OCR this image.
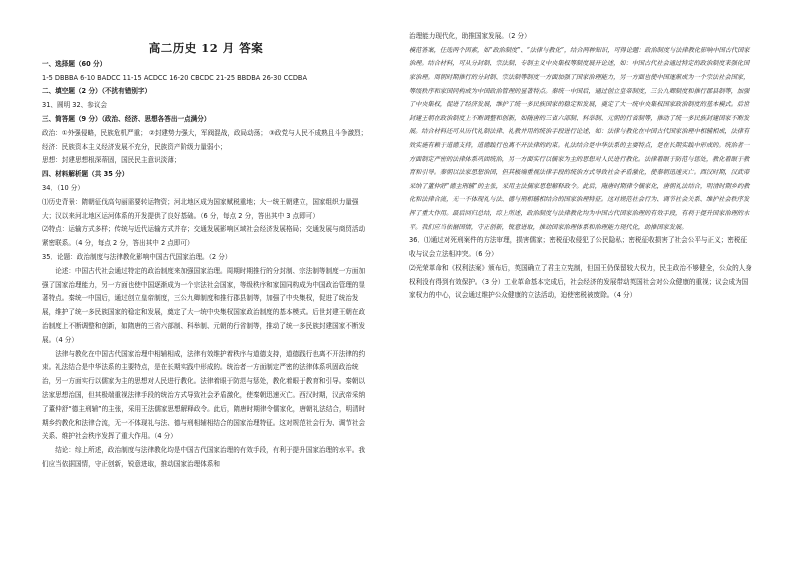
高二历史 12 月 答案
一、选择题（60 分）

1-5 DBBBA 6-10 BADCC 11-15 ACDCC 16-20 CBCDC 21-25 BBDBA 26-30 CCDBA

二、填空题（2 分）（不扰有错别字）

31、圆明 32、参议会

三、简答题（9 分）（政治、经济、思想各答出一点满分）

政治：①外强侵略，民族危机严重； ②封建势力强大，军阀混战，政局动荡； ③政党与人民不成熟且斗争激烈；

经济：民族资本主义经济发展不充分，民族资产阶级力量弱小；

思想：封建思想根深蒂固，国民民主意识淡薄；

四、材料解析题（共 35 分）

34．（10 分）

⑴历史背景：隋朝征伐高句丽需要转运物资；河北地区成为国家赋税重地；大一统王朝建立，国家组织力量强大；汉以来河北地区运河体系的开发提供了良好基础。（6 分，每点 2 分，答出其中 3 点即可）

⑵特点：运输方式多样；传统与近代运输方式并存；交通发展影响区域社会经济发展格局；交通发展与商贸活动紧密联系。（4 分，每点 2 分，答出其中 2 点即可）

35．论题：政治制度与法律教化影响中国古代国家治理。（2 分）

论述：中国古代社会通过特定的政治制度来加强国家治理。周期时期推行的分封制、宗法制等制度一方面加强了国家治理能力，另一方面也使中国逐渐成为一个宗法社会国家，等级秩序和家国同构成为中国政治管理的显著特点。秦统一中国后，通过创立皇帝制度，三公九卿制度和推行郡县制等，加强了中央集权，促进了统治发展，维护了统一多民族国家的稳定和发展，奠定了大一统中央集权国家政治制度的基本模式。后世封建王朝在政治制度上不断调整和创新，如隋唐的三省六部制、科举制、元朝的行省制等，推动了统一多民族封建国家不断发展。（4 分）

法律与教化在中国古代国家治理中相辅相成，法律有效维护着秩序与道德支持，道德践行也离不开法律的约束。礼法结合是中华法系的主要特点，是在长期实践中形成的。统治者一方面制定严密的法律体系巩固政治统治，另一方面实行以儒家为主的思想对人民进行教化。法律着眼于防范与惩处，教化着眼于教育和引导。秦朝以法家思想治国，但其极端重视法律手段的统治方式导致社会矛盾激化，使秦朝迅速灭亡。西汉时期，汉武帝采纳了董仲舒“德主刑辅”的主张，采用王法儒家思想解释政令。此后，隋唐时期律令儒家化，唐朝礼法结合，明清时期乡约教化和法律合流，无一不体现礼与法、德与刑相辅相结合的国家治理特征。这对规范社会行为、调节社会关系、维护社会秩序发挥了重大作用。（4 分）

结论：综上所述，政治制度与法律教化均是中国古代国家治理的有效手段，有利于提升国家治理的水平。我们应当依据国情，守正创新，锐意进取，推动国家治理体系和

治理能力现代化，助推国家发展。（2 分）

模范答案，任选两个因素，如“政治制度”、“法律与教化”，结合两种知识，可得论题：政治制度与法律教化影响中国古代国家治理。结合材料，可从分封制、宗法制、专制主义中央集权等制度展开论述，如：中国古代社会通过特定的政治制度来强化国家治理。周朝时期推行的分封制、宗法制等制度一方面加强了国家治理能力，另一方面也使中国逐渐成为一个宗法社会国家，等级秩序和家国同构成为中国政治管理的显著特点。秦统一中国后，通过创立皇帝制度，三公九卿制度和推行郡县制等，加强了中央集权，促进了经济发展，维护了统一多民族国家的稳定和发展，奠定了大一统中央集权国家政治制度的基本模式。后世封建王朝在政治制度上不断调整和创新，如隋唐的三省六部制、科举制、元朝的行省制等，推动了统一多民族封建国家不断发展。结合材料还可从历代礼制法律、礼教并用的统治手段进行论述，如：法律与教化在中国古代国家治理中相辅相成，法律有效实施有赖于道德支持，道德践行也离不开法律的约束。礼法结合是中华法系的主要特点，是在长期实践中形成的。统治者一方面制定严密的法律体系巩固统治，另一方面实行以儒家为主的思想对人民进行教化。法律着眼于防范与惩处，教化着眼于教育和引导。秦朝以法家思想治国，但其极端重视法律手段的统治方式导致社会矛盾激化，使秦朝迅速灭亡。西汉时期，汉武帝采纳了董仲舒“德主刑辅”的主张，采用主法儒家思想解释政令。此后，隋唐时期律令儒家化，唐朝礼法结合，明清时期乡约教化和法律合流，无一不体现礼与法、德与刑相辅相结合的国家治理特征。这对规范社会行为、调节社会关系、维护社会秩序发挥了重大作用。最后回归总结，综上所述，政治制度与法律教化均为中国古代国家治理的有效手段，有利于提升国家治理的水平。我们应当依据国情，守正创新，锐意进取，推动国家治理体系和治理能力现代化，助推国家发展。

36．⑴通过对死刑案件的方法审理，损害儒家；密税征收侵犯了公民隐私；密税征收损害了社会公平与正义；密税征收与议会立法相冲突。（6 分）

⑵光荣革命和《权利法案》颁布后，英国确立了君主立宪制，但国王仍保留较大权力，民主政治不够健全，公众的人身权利没有得到有效保护。（3 分）工业革命基本完成后，社会经济的发展带动英国社会对公众健康的重视；议会成为国家权力的中心，议会通过维护公众健康的立法活动，迫使密税被废除。（4 分）
